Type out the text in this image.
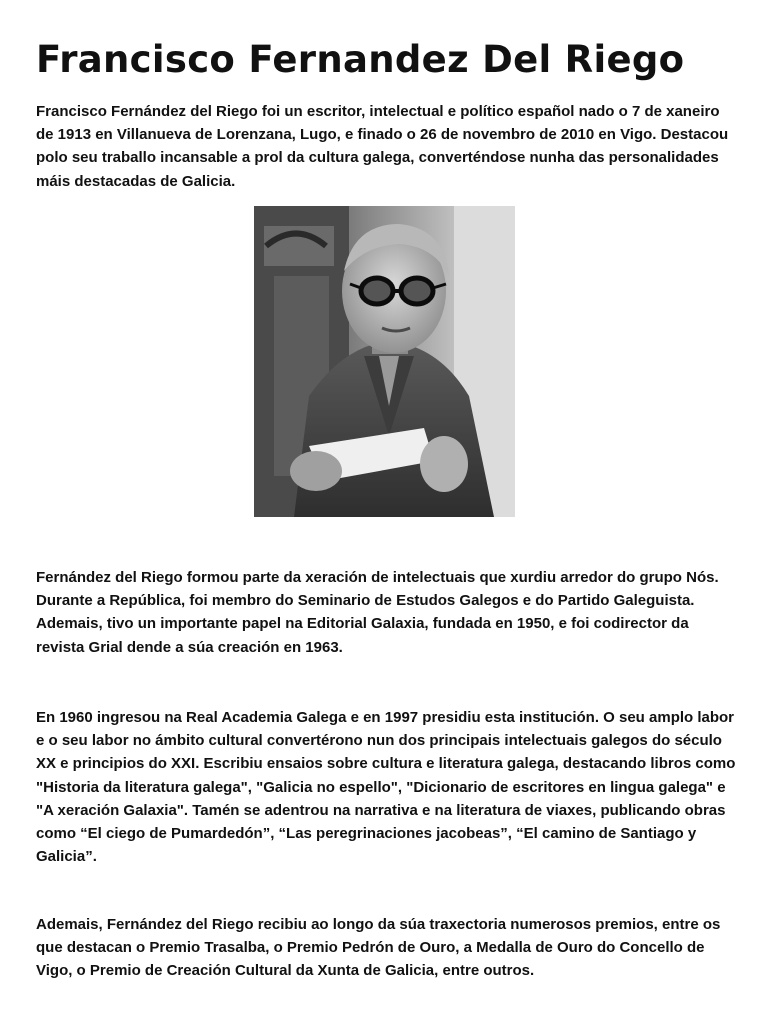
Francisco Fernandez Del Riego

Francisco Fernández del Riego foi un escritor, intelectual e político español nado o 7 de xaneiro de 1913 en Villanueva de Lorenzana, Lugo, e finado o 26 de novembro de 2010 en Vigo. Destacou polo seu traballo incansable a prol da cultura galega, converténdose nunha das personalidades máis destacadas de Galicia.

Fernández del Riego formou parte da xeración de intelectuais que xurdiu arredor do grupo Nós. Durante a República, foi membro do Seminario de Estudos Galegos e do Partido Galeguista. Ademais, tivo un importante papel na Editorial Galaxia, fundada en 1950, e foi codirector da revista Grial dende a súa creación en 1963.

En 1960 ingresou na Real Academia Galega e en 1997 presidiu esta institución. O seu amplo labor e o seu labor no ámbito cultural convertérono nun dos principais intelectuais galegos do século XX e principios do XXI. Escribiu ensaios sobre cultura e literatura galega, destacando libros como "Historia da literatura galega", "Galicia no espello", "Dicionario de escritores en lingua galega" e "A xeración Galaxia". Tamén se adentrou na narrativa e na literatura de viaxes, publicando obras como “El ciego de Pumardedón”, “Las peregrinaciones jacobeas”, “El camino de Santiago y Galicia”.

Ademais, Fernández del Riego recibiu ao longo da súa traxectoria numerosos premios, entre os que destacan o Premio Trasalba, o Premio Pedrón de Ouro, a Medalla de Ouro do Concello de Vigo, o Premio de Creación Cultural da Xunta de Galicia, entre outros.
